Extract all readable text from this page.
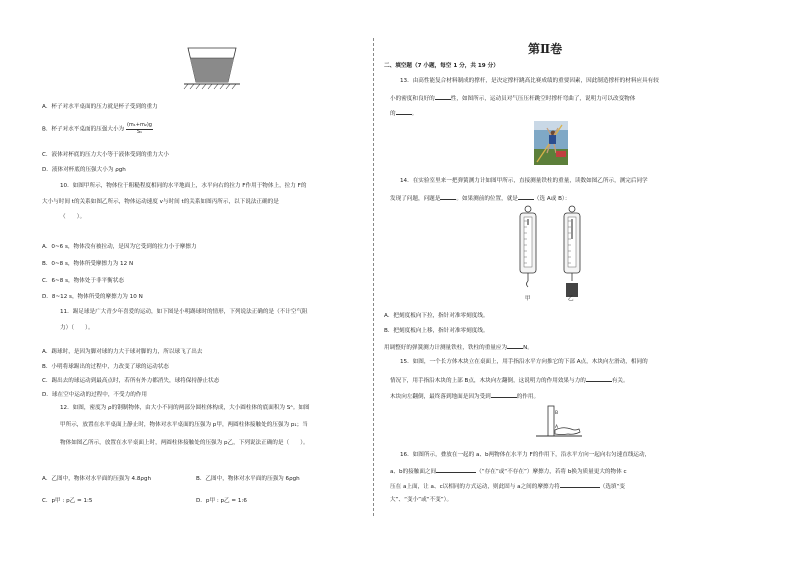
A．杯子对水平桌面的压力就是杯子受到的重力
B．杯子对水平桌面的压强大小为 $\frac{\text{(m₁+m₂)g}}{\text{S₁}}$
C．液体对杯底的压力大小等于液体受到的重力大小
D．液体对杯底的压强大小为 ρgh
10．如图甲所示，物体位于粗糙程度相同的水平地面上，水平向右的拉力 F作用于物体上，拉力 F的
大小与时间 t的关系如图乙所示，物体运动速度 v与时间 t的关系如图丙所示，以下说法正确的是
（　　）。
A．0~6 s，物体没有被拉动，是因为它受到的拉力小于摩擦力
B．0~8 s，物体所受摩擦力为 12 N
C．6~8 s，物体处于非平衡状态
D．8~12 s，物体所受的摩擦力为 10 N
11．踢足球是广大青少年喜爱的运动，如下图是小明踢球时的情形，下列说法正确的是（不计空气阻
力）（　　）。
A．踢球时，是因为脚对球的力大于球对脚的力，所以球飞了出去
B．小明将球踢出的过程中，力改变了球的运动状态
C．踢出去的球运动到最高点时，若所有外力都消失，球将保持静止状态
D．球在空中运动的过程中，不受力的作用
12．如图，密度为 ρ的钢制物体，由大小不同的两部分圆柱体构成，大小圆柱体的底面积为 Sᴬ。如图
甲所示，放置在水平桌面上静止时，物体对水平桌面的压强为 p甲，两圆柱体接触处的压强为 p₁；当
物体如图乙所示，放置在水平桌面上时，两圆柱体接触处的压强为 p乙，下列说法正确的是（　　）。
A．乙图中，物体对水平面的压强为 4.8ρgh	B．乙图中，物体对水平面的压强为 6ρgh
C．p甲 : p乙 = 1:5	D．p甲 : p乙 = 1:6
第Ⅱ卷
二、填空题（7 小题，每空 1 分，共 19 分）
13．由高性能复合材料制成的撑杆，是决定撑杆跳高比赛成绩的重要因素，因此制造撑杆的材料应具有较
小的密度和良好的	性，如图所示，运动员对气压压杆跳空时撑杆弯曲了，说明力可以改变物体
的	。
14．在实验室里来一把弹簧测力计如图甲所示，直接测量铁柱的重量，读数如图乙所示，测完后同学
发现了问题，问题是	。如果测前的位置，就是	（选 A或 B）：
甲	乙
A．把刻度板向下拉，指针对准零刻度线。
B．把刻度板向上移，指针对准零刻度线。
用调整好的弹簧测力计测量铁柱，铁柱的重量应为	N。
15．如图，一个长方体木块立在桌面上，用手指沿水平方向推它的下部 A点，木块向左滑动，相同的
情况下，用手指沿木块的上部 B点，木块向左翻倒，这说明力的作用效果与力的	有关。
木块向左翻倒，最终落到地面是因为受到	的作用。
B
A
16．如图所示，叠放在一起的 a、b两物体在水平力 F的作用下，沿水平方向一起向右匀速直线运动，
a、b的接触面之间	（“存在”或“不存在”）摩擦力，若将 b换为质量更大的物体 c
压在 a上面，让 a、c以相同的方式运动，则此固与 a之间的摩擦力将	（选填“变
大”、“变小”或“不变”）。
